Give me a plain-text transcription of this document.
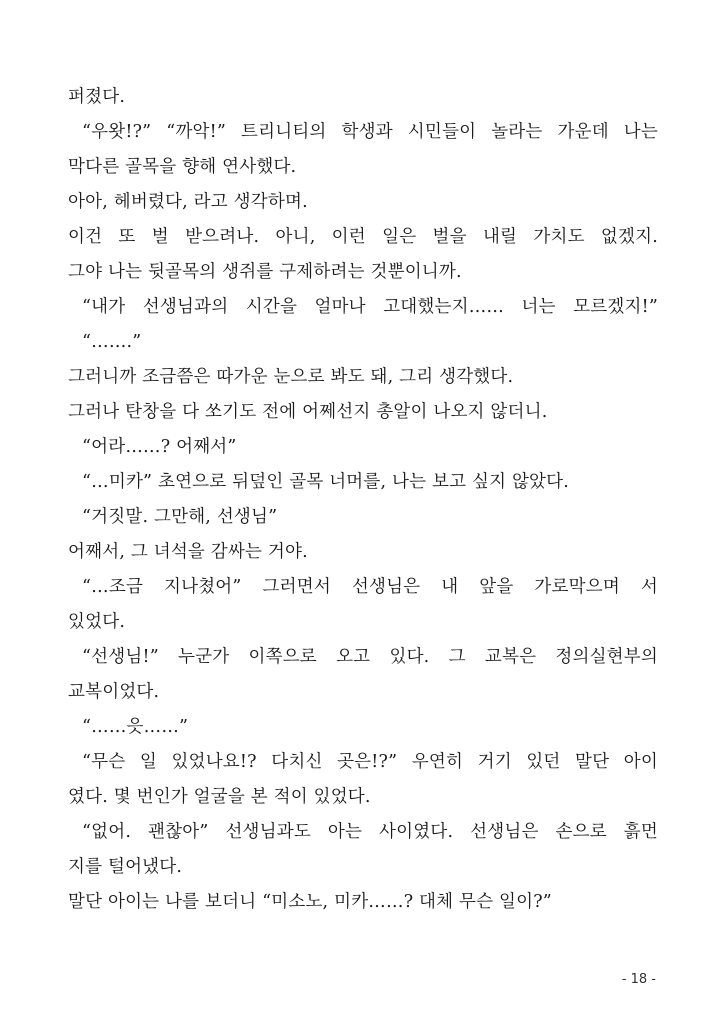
퍼졌다.
“우왓!?” “까악!” 트리니티의 학생과 시민들이 놀라는 가운데 나는
막다른 골목을 향해 연사했다.
아아, 헤버렸다, 라고 생각하며.
이건 또 벌 받으려나. 아니, 이런 일은 벌을 내릴 가치도 없겠지.
그야 나는 뒷골목의 생쥐를 구제하려는 것뿐이니까.
“내가 선생님과의 시간을 얼마나 고대했는지…… 너는 모르겠지!”
“…….”
그러니까 조금쯤은 따가운 눈으로 봐도 돼, 그리 생각했다.
그러나 탄창을 다 쏘기도 전에 어쩨선지 총알이 나오지 않더니.
“어라……? 어째서”
“…미카” 초연으로 뒤덮인 골목 너머를, 나는 보고 싶지 않았다.
“거짓말. 그만해, 선생님”
어째서, 그 녀석을 감싸는 거야.
“…조금 지나쳤어” 그러면서 선생님은 내 앞을 가로막으며 서
있었다.
“선생님!” 누군가 이쪽으로 오고 있다. 그 교복은 정의실현부의
교복이었다.
“……읏……”
“무슨 일 있었나요!? 다치신 곳은!?” 우연히 거기 있던 말단 아이
였다. 몇 번인가 얼굴을 본 적이 있었다.
“없어. 괜찮아” 선생님과도 아는 사이였다. 선생님은 손으로 흙먼
지를 털어냈다.
말단 아이는 나를 보더니 “미소노, 미카……? 대체 무슨 일이?”
- 18 -
